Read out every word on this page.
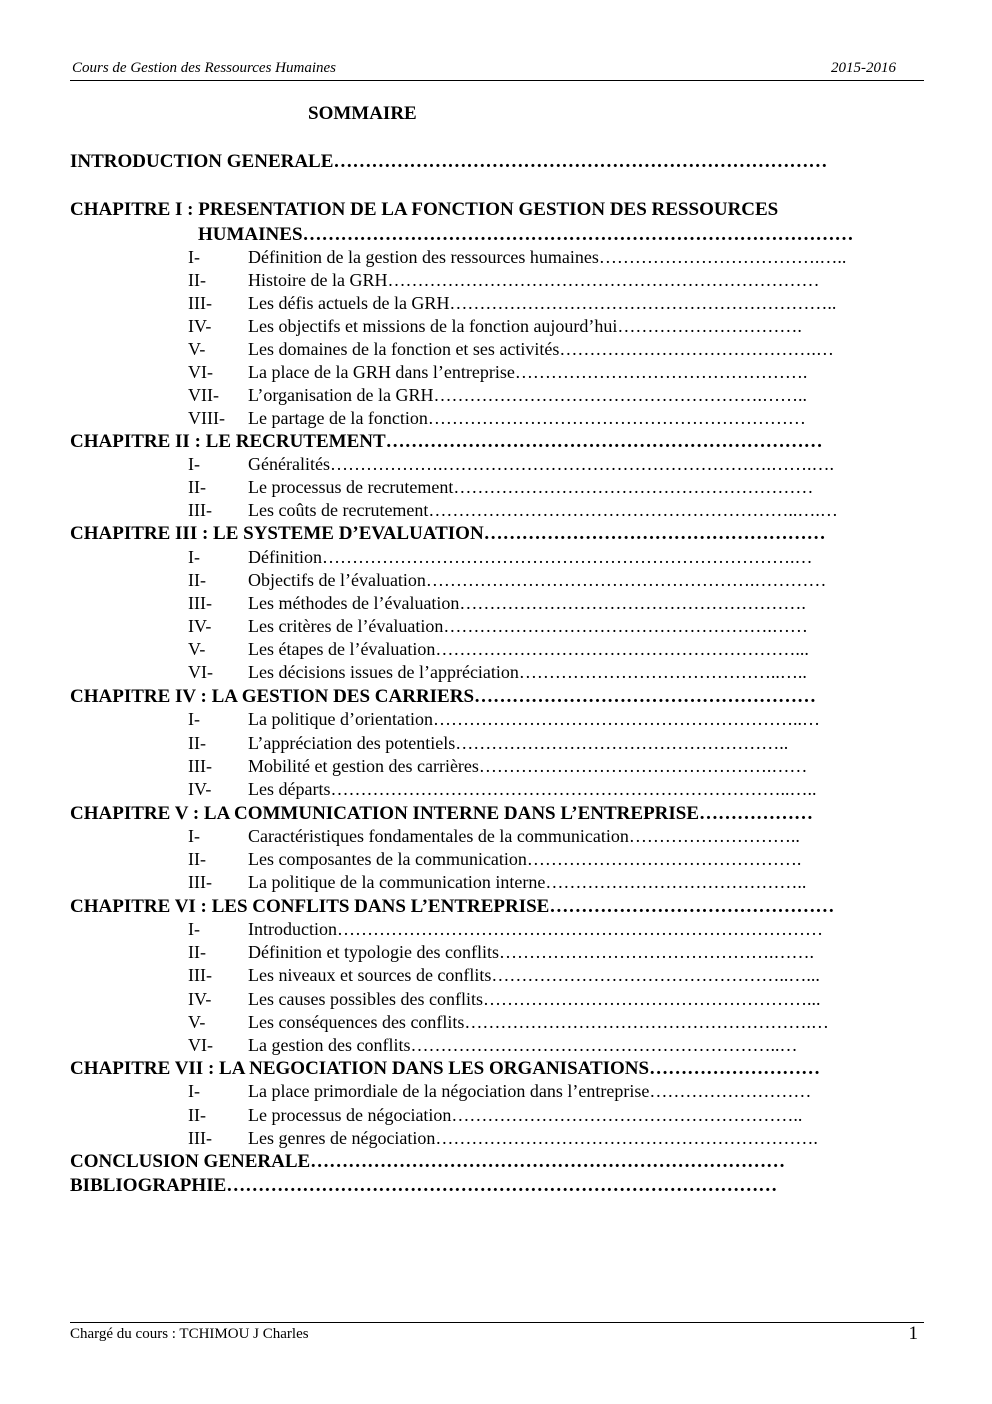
Cours de Gestion des Ressources Humaines	2015-2016
SOMMAIRE
INTRODUCTION GENERALE……………………………………………………………………
CHAPITRE I : PRESENTATION DE LA FONCTION GESTION DES RESSOURCES
HUMAINES……………………………………………………………………………
I-	Définition de la gestion des ressources humaines……………………………….…..
II- Histoire de la GRH………………………………………………………………
III- Les défis actuels de la GRH………………………………………………………..
IV- Les objectifs et missions de la fonction aujourd’hui………………………….
V- Les domaines de la fonction et ses activités…………………………………….…
VI- La place de la GRH dans l’entreprise………………………………………….
VII- L’organisation de la GRH……………………………………………….……..
VIII- Le partage de la fonction………………………………………………………
CHAPITRE II : LE RECRUTEMENT……………………………………………………………
I-	Généralités……………….……………………………………………….…….….
II- Le processus de recrutement……………………………………………………
III- Les coûts de recrutement……………………………………………………..….…
CHAPITRE III : LE SYSTEME D’EVALUATION………………………………………………
I-	Définition…………………………………………………………………….…
II- Objectifs de l’évaluation……………………………………………….…………
III- Les méthodes de l’évaluation………………………………………………….
IV- Les critères de l’évaluation……………………………………………….……
V- Les étapes de l’évaluation……………………………………………………...
VI- Les décisions issues de l’appréciation……………………………………..…..
CHAPITRE IV : LA GESTION DES CARRIERS………………………………………………
I-	La politique d’orientation……………………………………………………..…
II- L’appréciation des potentiels………………………………………………..
III- Mobilité et gestion des carrières………………………………………….……
IV- Les départs…………………………………………………………………..…..
CHAPITRE V : LA COMMUNICATION INTERNE DANS L’ENTREPRISE………………
I-	Caractéristiques fondamentales de la communication………………………..
II- Les composantes de la communication……………………………………….
III- La politique de la communication interne……………………………………..
CHAPITRE VI : LES CONFLITS DANS L’ENTREPRISE………………………………………
I-	Introduction………………………………………………………………………
II- Définition et typologie des conflits……………………………………….…….
III- Les niveaux et sources de conflits…………………………………………..…...
IV- Les causes possibles des conflits………………………………………………...
V- Les conséquences des conflits………………………………………………….…
VI- La gestion des conflits……………………………………………………..…
CHAPITRE VII : LA NEGOCIATION DANS LES ORGANISATIONS………………………
I-	La place primordiale de la négociation dans l’entreprise………………………
II- Le processus de négociation…………………………………………………..
III- Les genres de négociation……………………………………………………….
CONCLUSION GENERALE…………………………………………………………………
BIBLIOGRAPHIE……………………………………………………………………………
Chargé du cours : TCHIMOU J Charles	1
